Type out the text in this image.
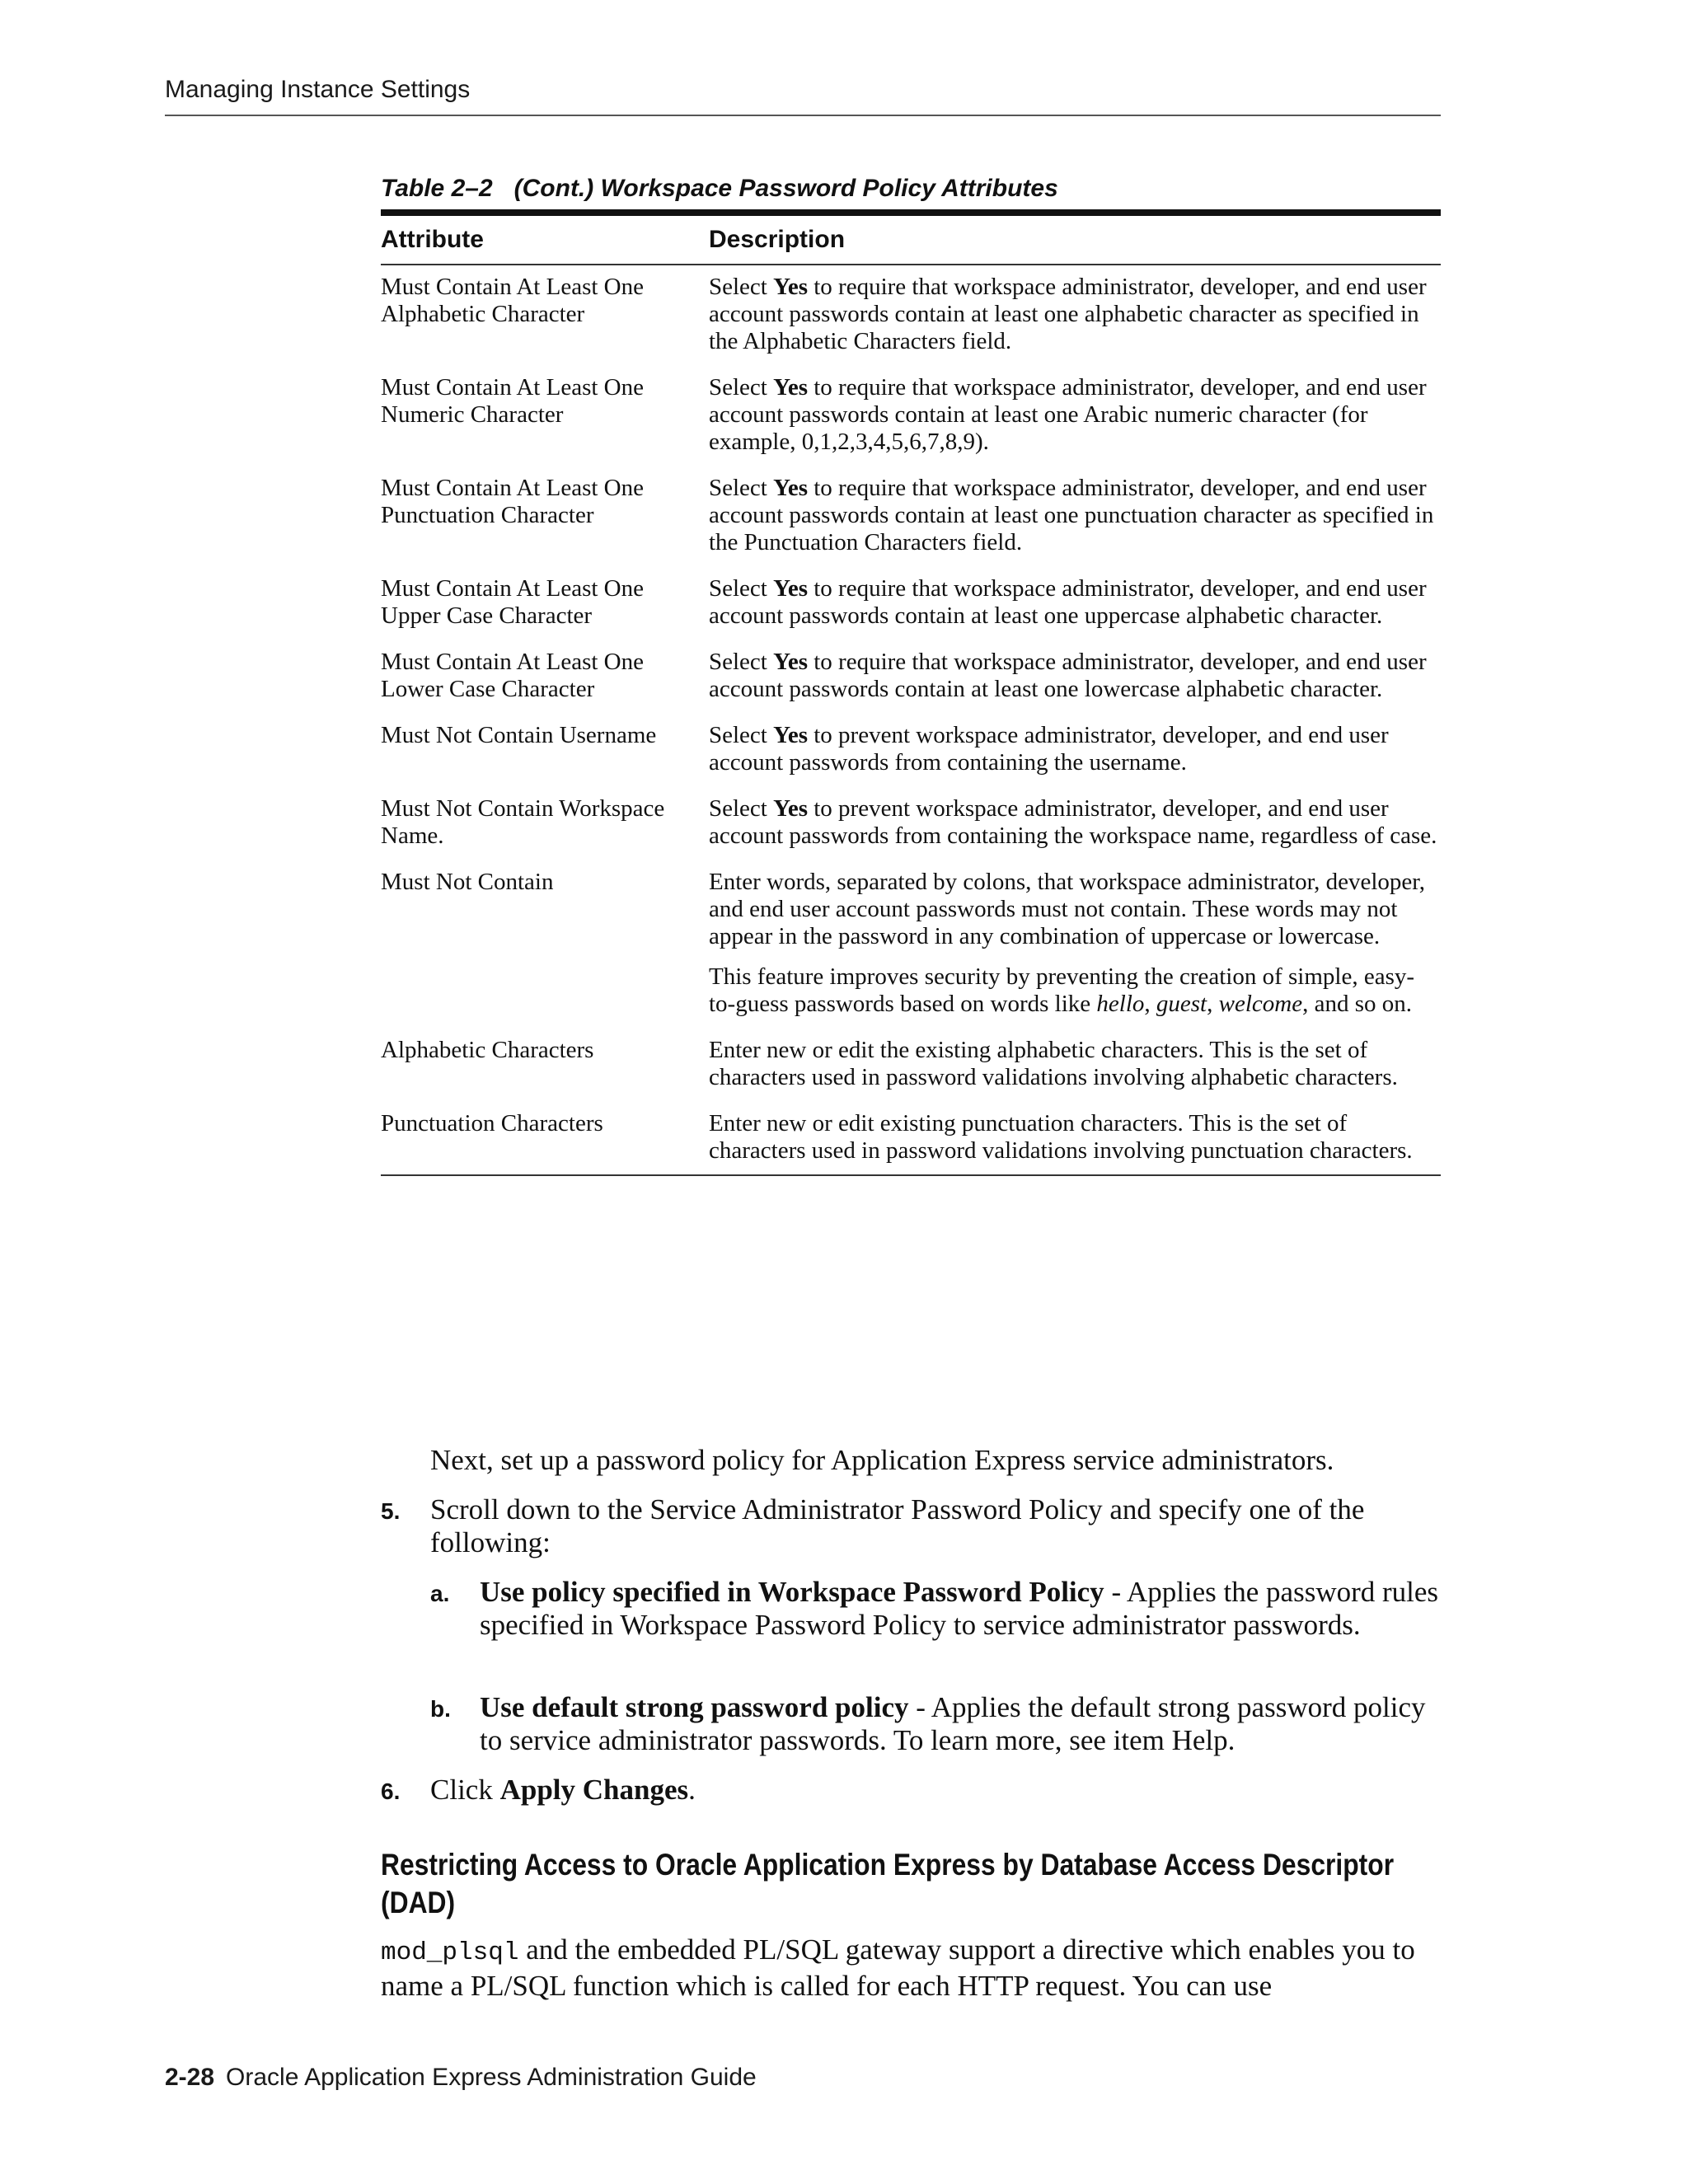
Managing Instance Settings
Table 2–2 (Cont.) Workspace Password Policy Attributes
Attribute	Description
Must Contain At Least One Alphabetic Character	Select Yes to require that workspace administrator, developer, and end user account passwords contain at least one alphabetic character as specified in the Alphabetic Characters field.
Must Contain At Least One Numeric Character	Select Yes to require that workspace administrator, developer, and end user account passwords contain at least one Arabic numeric character (for example, 0,1,2,3,4,5,6,7,8,9).
Must Contain At Least One Punctuation Character	Select Yes to require that workspace administrator, developer, and end user account passwords contain at least one punctuation character as specified in the Punctuation Characters field.
Must Contain At Least One Upper Case Character	Select Yes to require that workspace administrator, developer, and end user account passwords contain at least one uppercase alphabetic character.
Must Contain At Least One Lower Case Character	Select Yes to require that workspace administrator, developer, and end user account passwords contain at least one lowercase alphabetic character.
Must Not Contain Username	Select Yes to prevent workspace administrator, developer, and end user account passwords from containing the username.
Must Not Contain Workspace Name.	Select Yes to prevent workspace administrator, developer, and end user account passwords from containing the workspace name, regardless of case.
Must Not Contain	Enter words, separated by colons, that workspace administrator, developer, and end user account passwords must not contain. These words may not appear in the password in any combination of uppercase or lowercase.

This feature improves security by preventing the creation of simple, easy-to-guess passwords based on words like hello, guest, welcome, and so on.

Alphabetic Characters	Enter new or edit the existing alphabetic characters. This is the set of characters used in password validations involving alphabetic characters.
Punctuation Characters	Enter new or edit existing punctuation characters. This is the set of characters used in password validations involving punctuation characters.
Next, set up a password policy for Application Express service administrators.
5. Scroll down to the Service Administrator Password Policy and specify one of the following:
a. Use policy specified in Workspace Password Policy - Applies the password rules specified in Workspace Password Policy to service administrator passwords.
b. Use default strong password policy - Applies the default strong password policy to service administrator passwords. To learn more, see item Help.
6. Click Apply Changes.
Restricting Access to Oracle Application Express by Database Access Descriptor (DAD)
mod_plsql and the embedded PL/SQL gateway support a directive which enables you to name a PL/SQL function which is called for each HTTP request. You can use
2-28 Oracle Application Express Administration Guide
